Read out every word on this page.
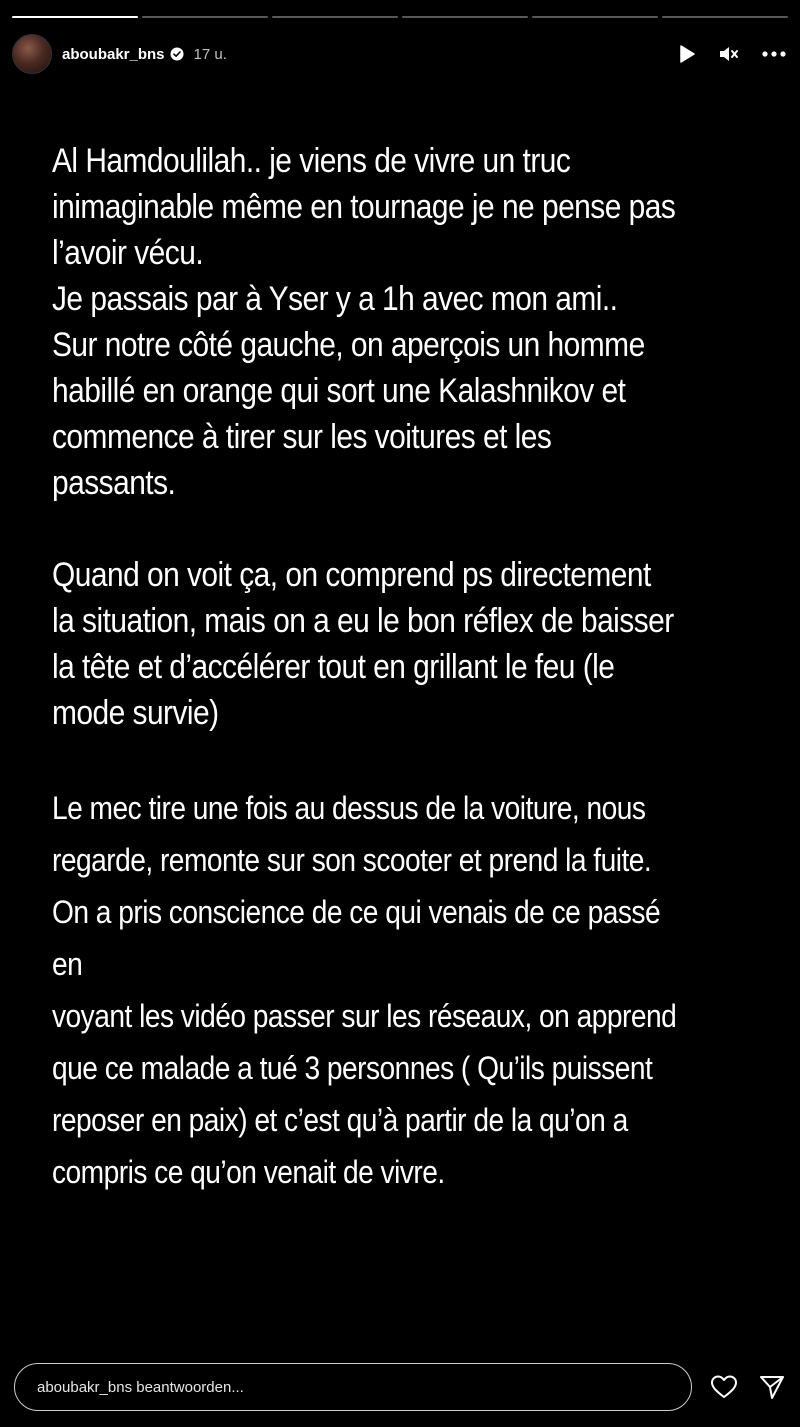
aboubakr_bns 17 u.

Al Hamdoulilah.. je viens de vivre un truc
inimaginable même en tournage je ne pense pas
l’avoir vécu.
Je passais par à Yser y a 1h avec mon ami..
Sur notre côté gauche, on aperçois un homme
habillé en orange qui sort une Kalashnikov et
commence à tirer sur les voitures et les
passants.

Quand on voit ça, on comprend ps directement
la situation, mais on a eu le bon réflex de baisser
la tête et d’accélérer tout en grillant le feu (le
mode survie)

Le mec tire une fois au dessus de la voiture, nous
regarde, remonte sur son scooter et prend la fuite.
On a pris conscience de ce qui venais de ce passé en
voyant les vidéo passer sur les réseaux, on apprend
que ce malade a tué 3 personnes ( Qu’ils puissent
reposer en paix) et c’est qu’à partir de la qu’on a
compris ce qu’on venait de vivre.

aboubakr_bns beantwoorden...
